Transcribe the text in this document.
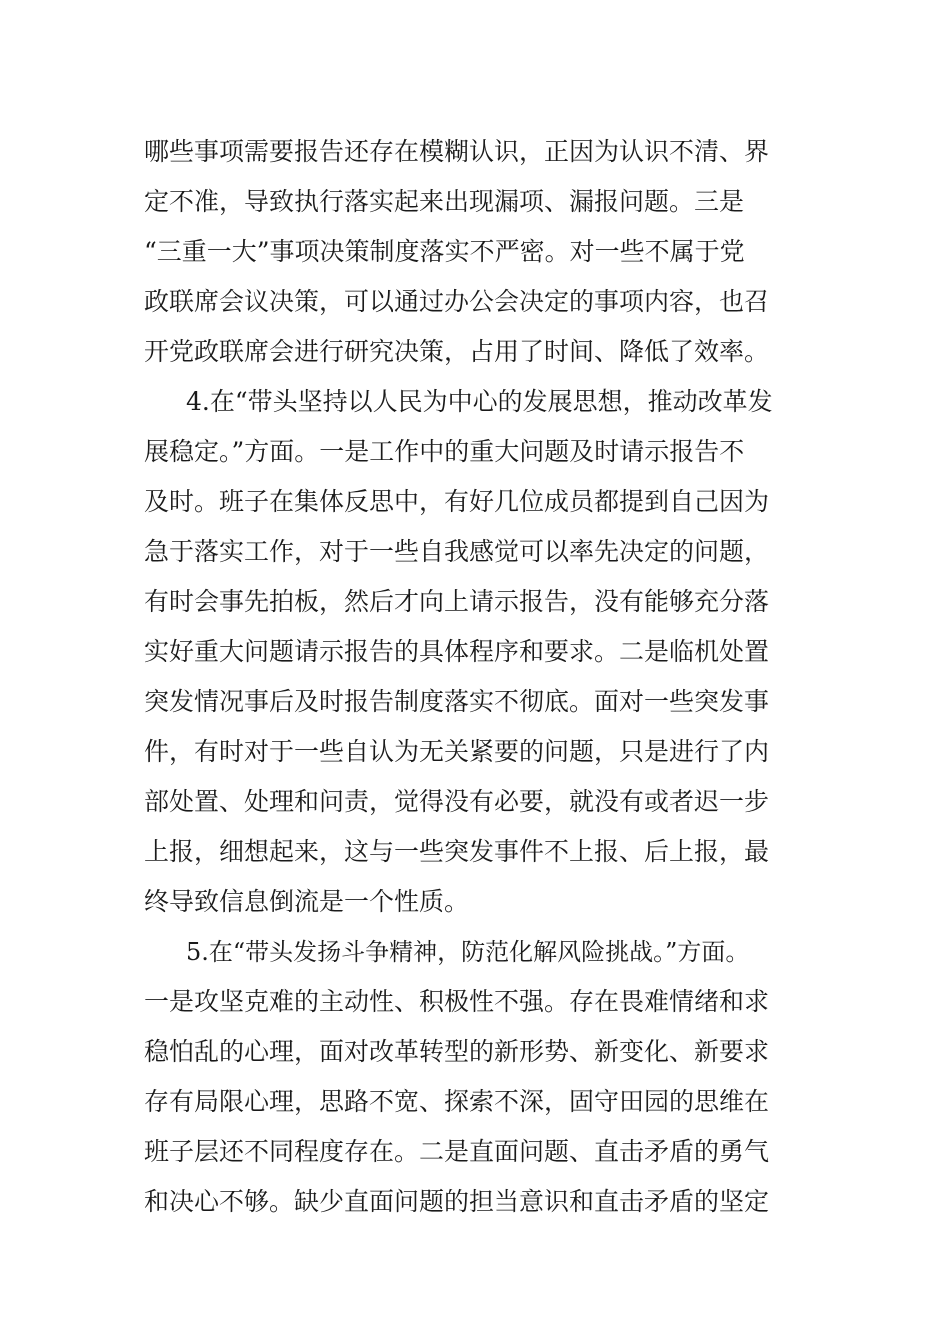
哪些事项需要报告还存在模糊认识，正因为认识不清、界

定不准，导致执行落实起来出现漏项、漏报问题。三是

“三重一大”事项决策制度落实不严密。对一些不属于党

政联席会议决策，可以通过办公会决定的事项内容，也召

开党政联席会进行研究决策，占用了时间、降低了效率。

4.在“带头坚持以人民为中心的发展思想，推动改革发

展稳定。”方面。一是工作中的重大问题及时请示报告不

及时。班子在集体反思中，有好几位成员都提到自己因为

急于落实工作，对于一些自我感觉可以率先决定的问题，

有时会事先拍板，然后才向上请示报告，没有能够充分落

实好重大问题请示报告的具体程序和要求。二是临机处置

突发情况事后及时报告制度落实不彻底。面对一些突发事

件，有时对于一些自认为无关紧要的问题，只是进行了内

部处置、处理和问责，觉得没有必要，就没有或者迟一步

上报，细想起来，这与一些突发事件不上报、后上报，最

终导致信息倒流是一个性质。

5.在“带头发扬斗争精神，防范化解风险挑战。”方面。

一是攻坚克难的主动性、积极性不强。存在畏难情绪和求

稳怕乱的心理，面对改革转型的新形势、新变化、新要求

存有局限心理，思路不宽、探索不深，固守田园的思维在

班子层还不同程度存在。二是直面问题、直击矛盾的勇气

和决心不够。缺少直面问题的担当意识和直击矛盾的坚定
